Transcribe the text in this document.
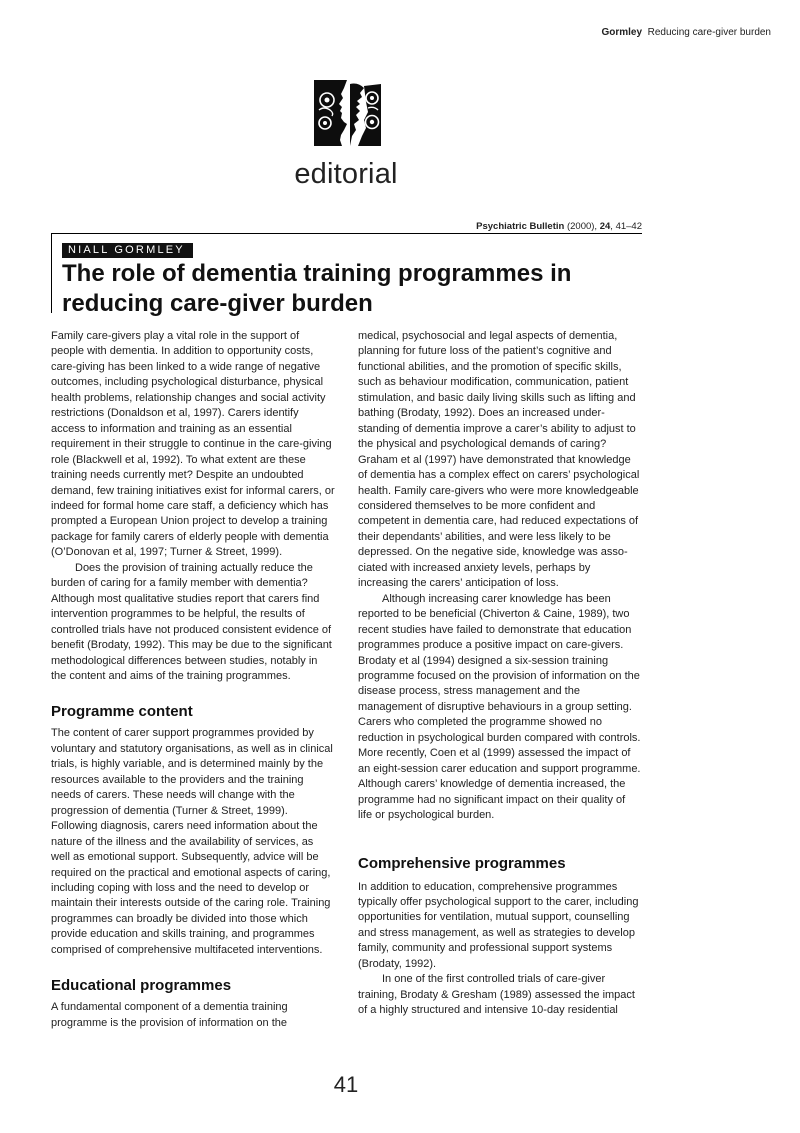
Gormley Reducing care-giver burden
editorial
Psychiatric Bulletin (2000), 24, 41–42
NIALL GORMLEY
The role of dementia training programmes in reducing care-giver burden

Family care-givers play a vital role in the support of people with dementia. In addition to opportunity costs, care-giving has been linked to a wide range of negative outcomes, including psychological disturbance, physical health problems, relationship changes and social activity restrictions (Donaldson et al, 1997). Carers identify access to information and training as an essential requirement in their struggle to continue in the care-giving role (Blackwell et al, 1992). To what extent are these training needs currently met? Despite an undoubted demand, few training initiatives exist for informal carers, or indeed for formal home care staff, a deficiency which has prompted a European Union project to develop a training package for family carers of elderly people with dementia (O’Donovan et al, 1997; Turner & Street, 1999).

Does the provision of training actually reduce the burden of caring for a family member with dementia? Although most qualitative studies report that carers find intervention programmes to be helpful, the results of controlled trials have not produced consistent evidence of benefit (Brodaty, 1992). This may be due to the significant methodological differences between studies, notably in the content and aims of the training programmes.

Programme content

The content of carer support programmes provided by voluntary and statutory organisations, as well as in clinical trials, is highly variable, and is determined mainly by the resources available to the providers and the training needs of carers. These needs will change with the progression of dementia (Turner & Street, 1999). Following diagnosis, carers need information about the nature of the illness and the availability of services, as well as emotional support. Subsequently, advice will be required on the practical and emotional aspects of caring, including coping with loss and the need to develop or maintain their interests outside of the caring role. Training programmes can broadly be divided into those which provide education and skills training, and programmes comprised of comprehensive multifaceted interventions.

Educational programmes

A fundamental component of a dementia training programme is the provision of information on the

medical, psychosocial and legal aspects of dementia, planning for future loss of the patient’s cognitive and functional abilities, and the promotion of specific skills, such as behaviour modification, communication, patient stimulation, and basic daily living skills such as lifting and bathing (Brodaty, 1992). Does an increased under-standing of dementia improve a carer’s ability to adjust to the physical and psychological demands of caring? Graham et al (1997) have demonstrated that knowledge of dementia has a complex effect on carers’ psychological health. Family care-givers who were more knowledgeable considered themselves to be more confident and competent in dementia care, had reduced expectations of their dependants’ abilities, and were less likely to be depressed. On the negative side, knowledge was asso-ciated with increased anxiety levels, perhaps by increasing the carers’ anticipation of loss.

Although increasing carer knowledge has been reported to be beneficial (Chiverton & Caine, 1989), two recent studies have failed to demonstrate that education programmes produce a positive impact on care-givers. Brodaty et al (1994) designed a six-session training programme focused on the provision of information on the disease process, stress management and the management of disruptive behaviours in a group setting. Carers who completed the programme showed no reduction in psychological burden compared with controls. More recently, Coen et al (1999) assessed the impact of an eight-session carer education and support programme. Although carers’ knowledge of dementia increased, the programme had no significant impact on their quality of life or psychological burden.

Comprehensive programmes

In addition to education, comprehensive programmes typically offer psychological support to the carer, including opportunities for ventilation, mutual support, counselling and stress management, as well as strategies to develop family, community and professional support systems (Brodaty, 1992).

In one of the first controlled trials of care-giver training, Brodaty & Gresham (1989) assessed the impact of a highly structured and intensive 10-day residential

41
